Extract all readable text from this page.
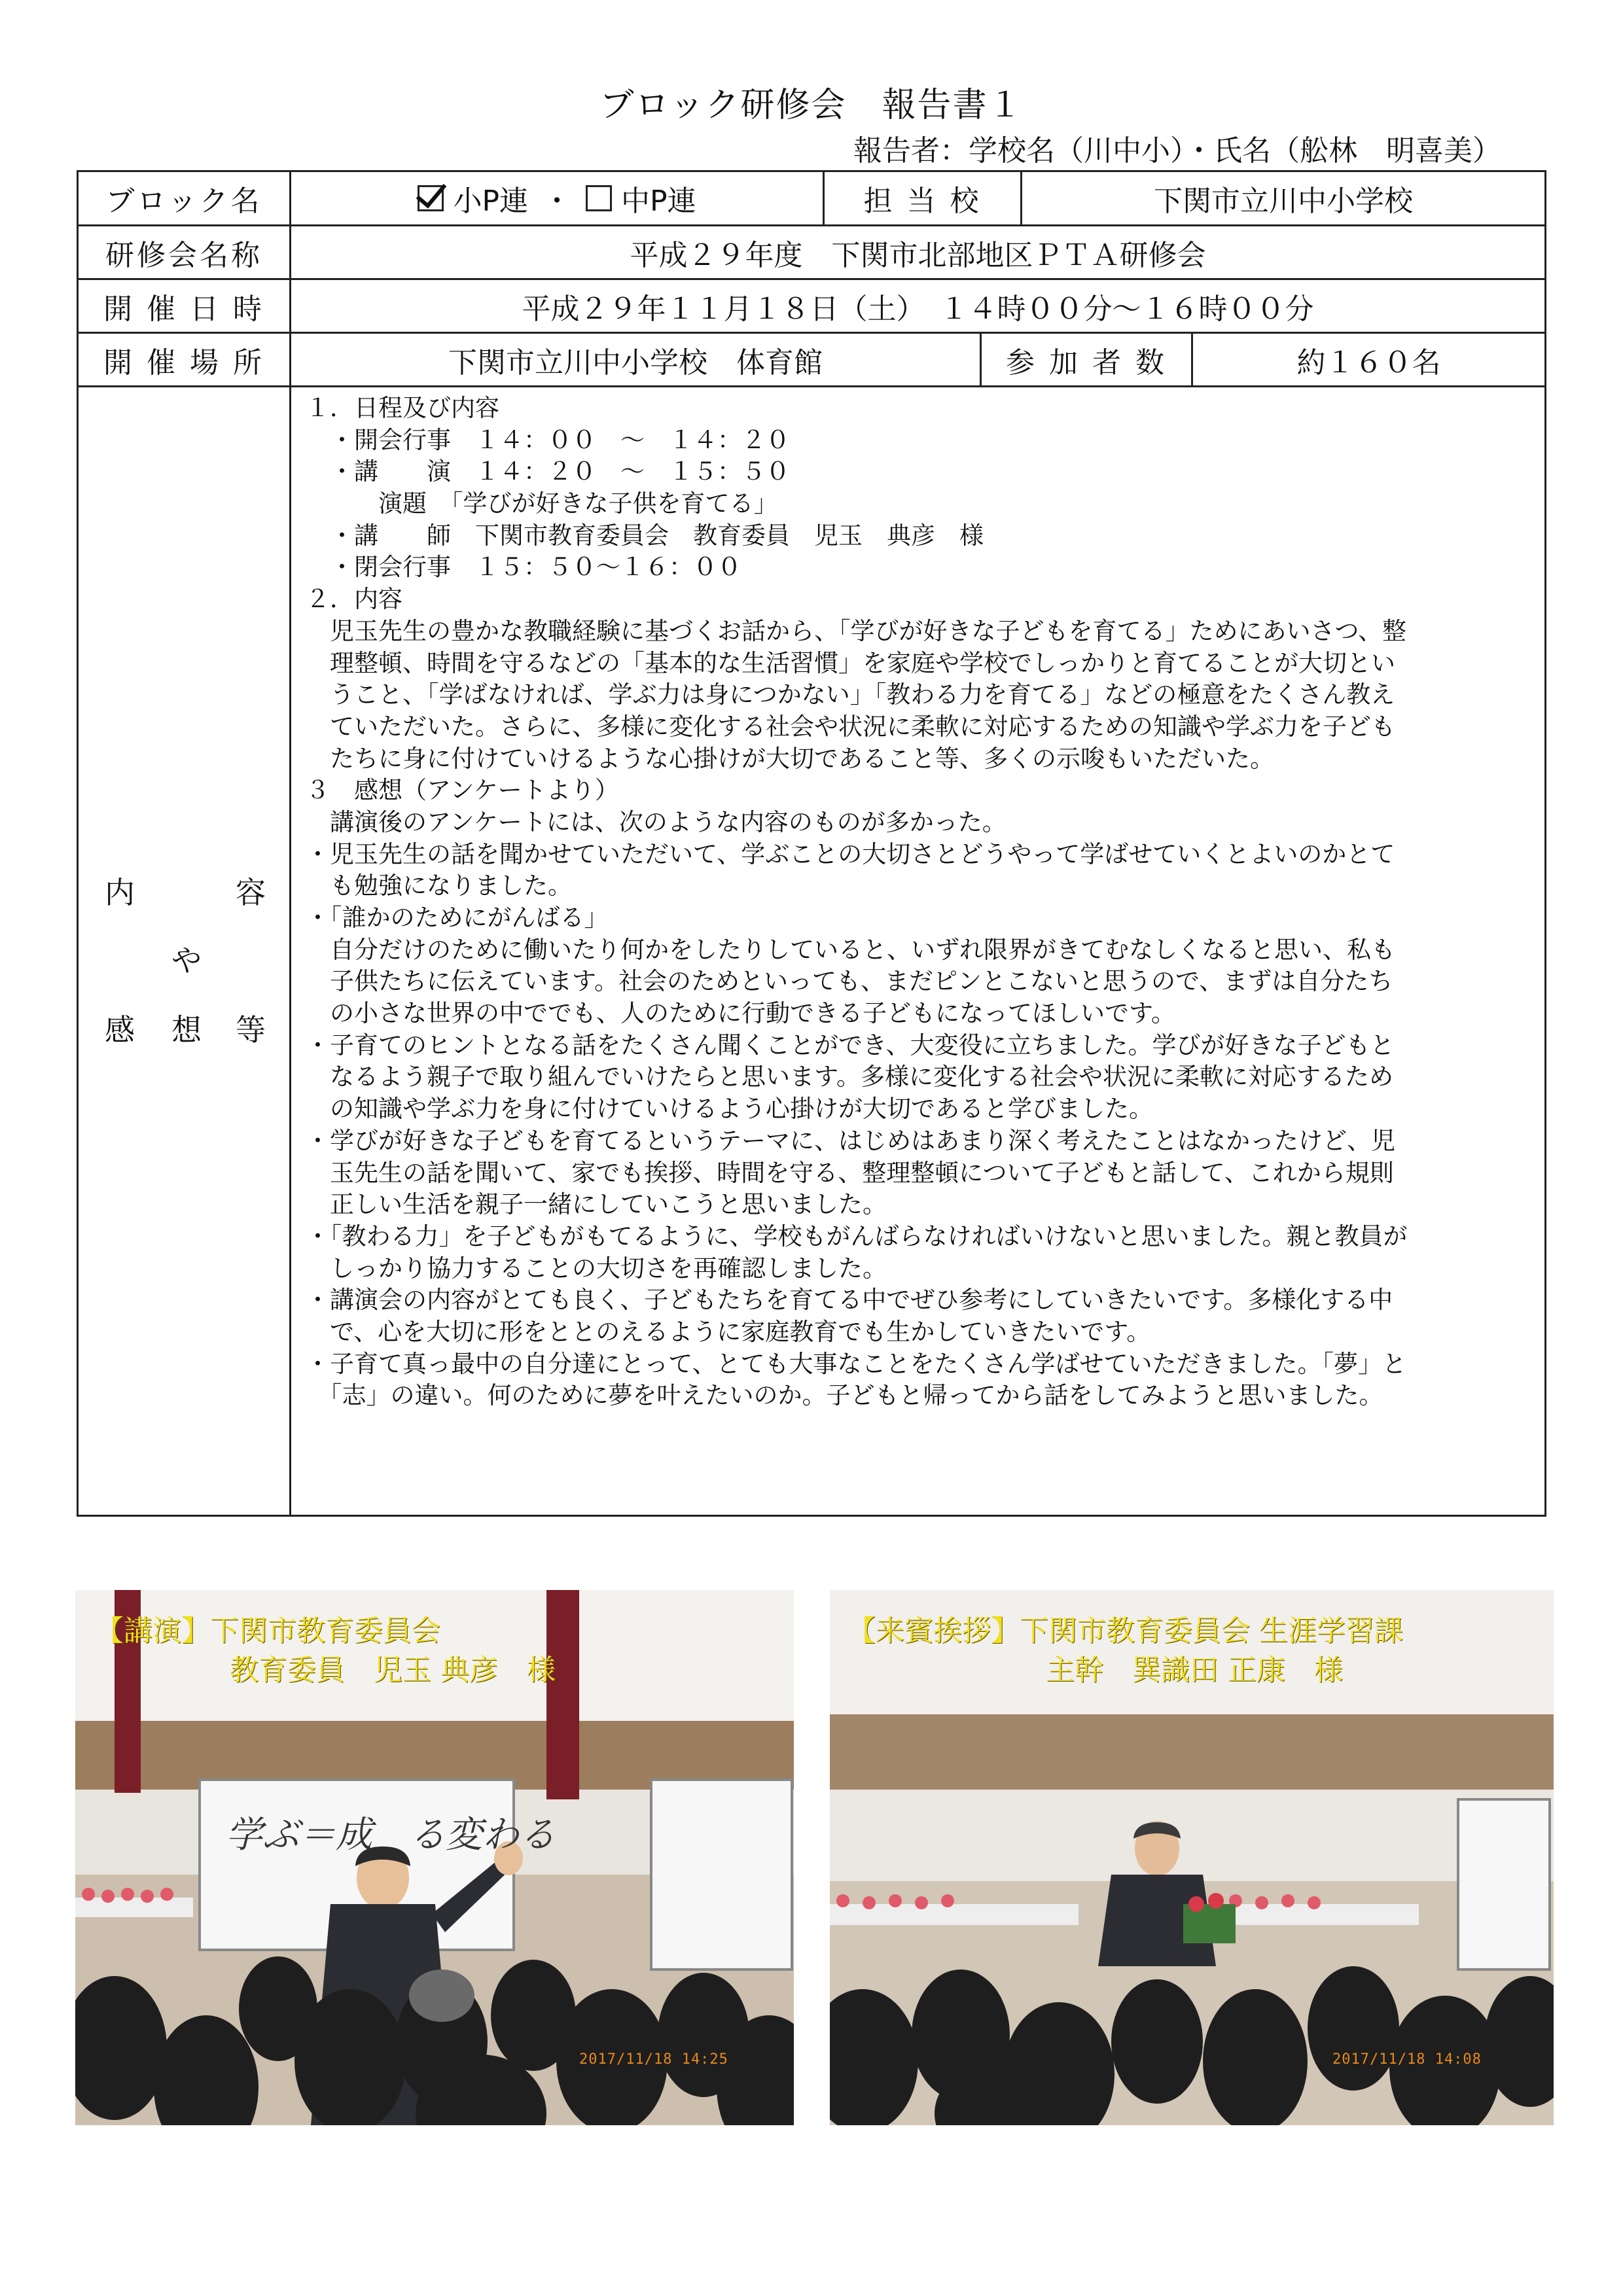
ブロック研修会　報告書１
報告者：学校名（川中小）・氏名（舩林　明喜美）
ブロック名	小P連 ・ 中P連	担 当 校	下関市立川中小学校
研修会名称	平成２９年度　下関市北部地区ＰＴＡ研修会
開 催 日 時	平成２９年１１月１８日（土）　１４時００分～１６時００分
開 催 場 所	下関市立川中小学校　体育館	参 加 者 数	約１６０名
内	容
や
感 想 等
１．日程及び内容
　・開会行事　１４：００　～　１４：２０
　・講　　演　１４：２０　～　１５：５０
　　　演題　「学びが好きな子供を育てる」
　・講　　師　下関市教育委員会　教育委員　児玉　典彦　様
　・閉会行事　１５：５０～１６：００
２．内容
　児玉先生の豊かな教職経験に基づくお話から、「学びが好きな子どもを育てる」ためにあいさつ、整
　理整頓、時間を守るなどの「基本的な生活習慣」を家庭や学校でしっかりと育てることが大切とい
　うこと、「学ばなければ、学ぶ力は身につかない」「教わる力を育てる」などの極意をたくさん教え
　ていただいた。さらに、多様に変化する社会や状況に柔軟に対応するための知識や学ぶ力を子ども
　たちに身に付けていけるような心掛けが大切であること等、多くの示唆もいただいた。
３　感想（アンケートより）
　講演後のアンケートには、次のような内容のものが多かった。
・児玉先生の話を聞かせていただいて、学ぶことの大切さとどうやって学ばせていくとよいのかとて
　も勉強になりました。
・「誰かのためにがんばる」
　自分だけのために働いたり何かをしたりしていると、いずれ限界がきてむなしくなると思い、私も
　子供たちに伝えています。社会のためといっても、まだピンとこないと思うので、まずは自分たち
　の小さな世界の中ででも、人のために行動できる子どもになってほしいです。
・子育てのヒントとなる話をたくさん聞くことができ、大変役に立ちました。学びが好きな子どもと
　なるよう親子で取り組んでいけたらと思います。多様に変化する社会や状況に柔軟に対応するため
　の知識や学ぶ力を身に付けていけるよう心掛けが大切であると学びました。
・学びが好きな子どもを育てるというテーマに、はじめはあまり深く考えたことはなかったけど、児
　玉先生の話を聞いて、家でも挨拶、時間を守る、整理整頓について子どもと話して、これから規則
　正しい生活を親子一緒にしていこうと思いました。
・「教わる力」を子どもがもてるように、学校もがんばらなければいけないと思いました。親と教員が
　しっかり協力することの大切さを再確認しました。
・講演会の内容がとても良く、子どもたちを育てる中でぜひ参考にしていきたいです。多様化する中
　で、心を大切に形をととのえるように家庭教育でも生かしていきたいです。
・子育て真っ最中の自分達にとって、とても大事なことをたくさん学ばせていただきました。「夢」と
　「志」の違い。何のために夢を叶えたいのか。子どもと帰ってから話をしてみようと思いました。
学ぶ＝成　る変わる
【講演】下関市教育委員会
教育委員　児玉 典彦　様
2017/11/18 14:25
【来賓挨拶】下関市教育委員会 生涯学習課
主幹　巽識田 正康　様
2017/11/18 14:08
